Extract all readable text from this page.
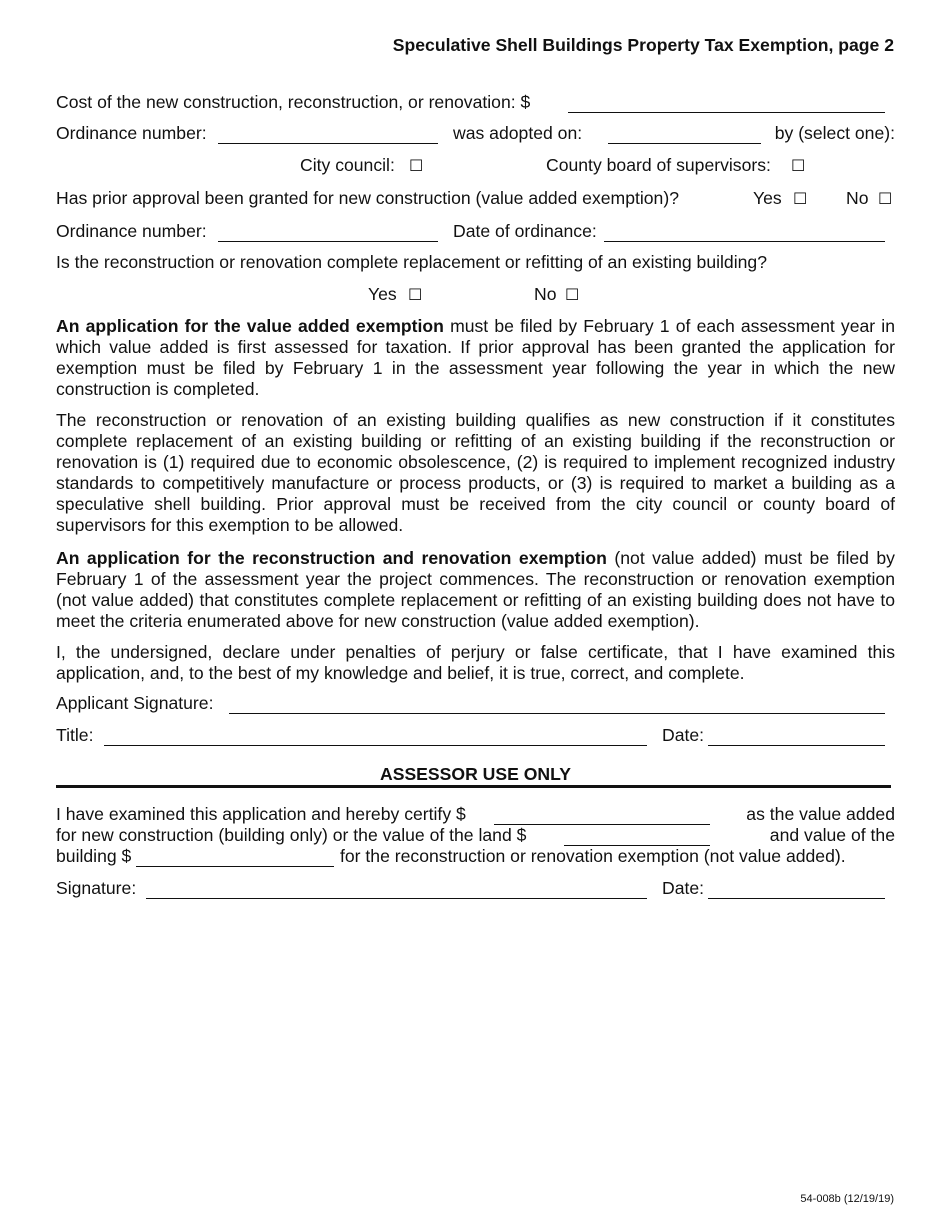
Speculative Shell Buildings Property Tax Exemption, page 2
Cost of the new construction, reconstruction, or renovation: $
Ordinance number:	was adopted on:	by (select one):
City council: ☐	County board of supervisors: ☐
Has prior approval been granted for new construction (value added exemption)?	Yes ☐ No ☐
Ordinance number:	Date of ordinance:
Is the reconstruction or renovation complete replacement or refitting of an existing building?
Yes ☐	No ☐

An application for the value added exemption must be filed by February 1 of each assessment year in which value added is first assessed for taxation. If prior approval has been granted the application for exemption must be filed by February 1 in the assessment year following the year in which the new construction is completed.

The reconstruction or renovation of an existing building qualifies as new construction if it constitutes complete replacement of an existing building or refitting of an existing building if the reconstruction or renovation is (1) required due to economic obsolescence, (2) is required to implement recognized industry standards to competitively manufacture or process products, or (3) is required to market a building as a speculative shell building. Prior approval must be received from the city council or county board of supervisors for this exemption to be allowed.

An application for the reconstruction and renovation exemption (not value added) must be filed by February 1 of the assessment year the project commences. The reconstruction or renovation exemption (not value added) that constitutes complete replacement or refitting of an existing building does not have to meet the criteria enumerated above for new construction (value added exemption).

I, the undersigned, declare under penalties of perjury or false certificate, that I have examined this application, and, to the best of my knowledge and belief, it is true, correct, and complete.

Applicant Signature:
Title:	Date:
ASSESSOR USE ONLY
I have examined this application and hereby certify $	as the value added
for new construction (building only) or the value of the land $	and value of the
building $	for the reconstruction or renovation exemption (not value added).
Signature:	Date:
54-008b (12/19/19)
